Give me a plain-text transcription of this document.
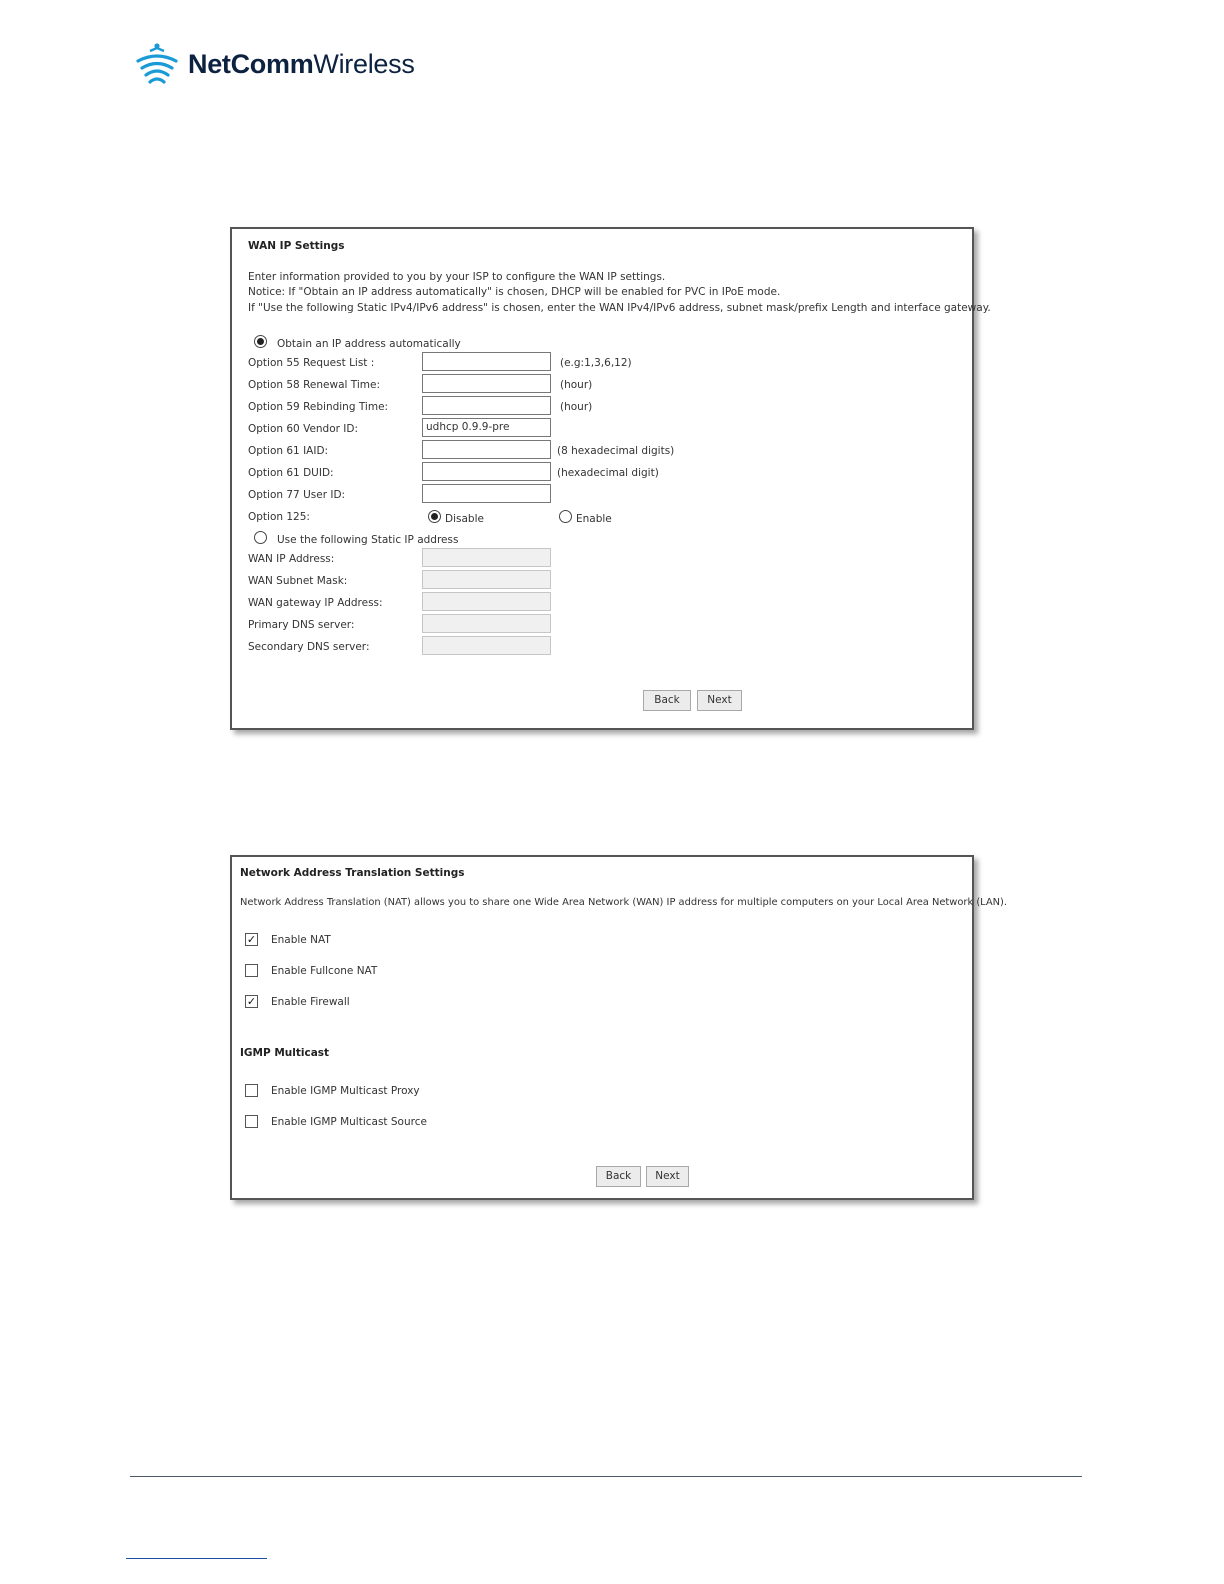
NetCommWireless
WAN IP Settings
Enter information provided to you by your ISP to configure the WAN IP settings.
Notice: If "Obtain an IP address automatically" is chosen, DHCP will be enabled for PVC in IPoE mode.
If "Use the following Static IPv4/IPv6 address" is chosen, enter the WAN IPv4/IPv6 address, subnet mask/prefix Length and interface gateway.
Obtain an IP address automatically
Option 55 Request List :	(e.g:1,3,6,12)
Option 58 Renewal Time:	(hour)
Option 59 Rebinding Time:	(hour)
Option 60 Vendor ID:	udhcp 0.9.9-pre
Option 61 IAID:	(8 hexadecimal digits)
Option 61 DUID:	(hexadecimal digit)
Option 77 User ID:
Option 125:	Disable	Enable
Use the following Static IP address
WAN IP Address:
WAN Subnet Mask:
WAN gateway IP Address:
Primary DNS server:
Secondary DNS server:
Back	Next
Network Address Translation Settings
Network Address Translation (NAT) allows you to share one Wide Area Network (WAN) IP address for multiple computers on your Local Area Network (LAN).
✓ Enable NAT
Enable Fullcone NAT
✓ Enable Firewall
IGMP Multicast
Enable IGMP Multicast Proxy
Enable IGMP Multicast Source
Back	Next
